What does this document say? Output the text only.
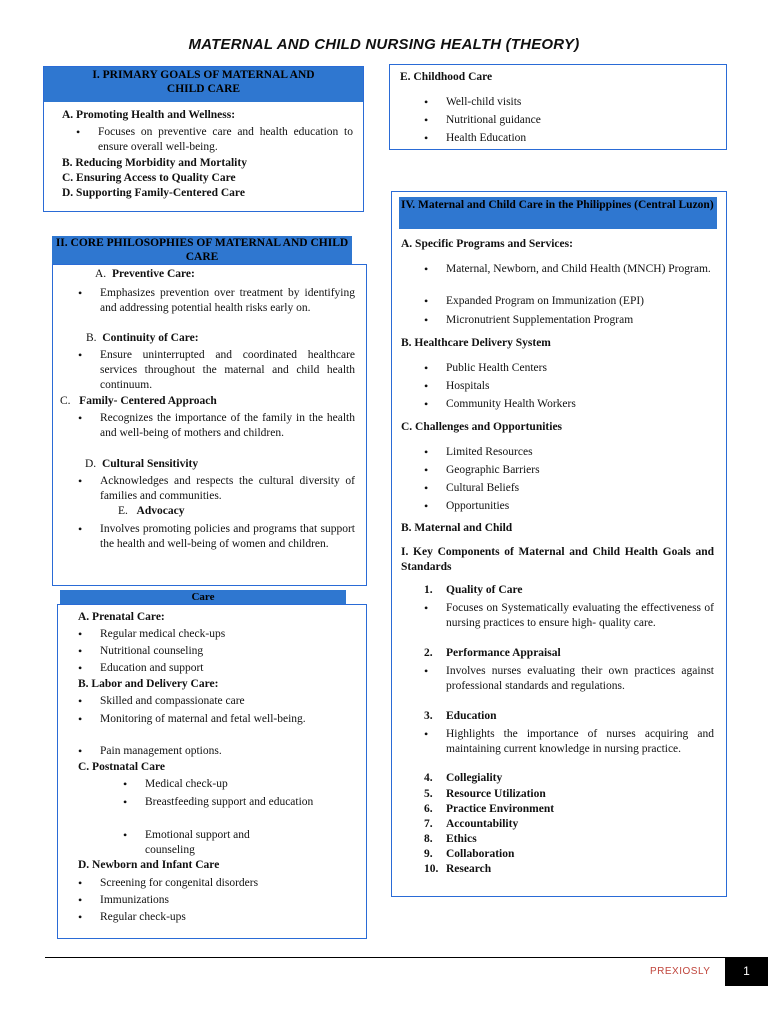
MATERNAL AND CHILD NURSING HEALTH (THEORY)
I. PRIMARY GOALS OF MATERNAL AND CHILD CARE
A. Promoting Health and Wellness:
• Focuses on preventive care and health education to ensure overall well-being.
B. Reducing Morbidity and Mortality
C. Ensuring Access to Quality Care
D. Supporting Family-Centered Care
II. CORE PHILOSOPHIES OF MATERNAL AND CHILD CARE
A. Preventive Care:
• Emphasizes prevention over treatment by identifying and addressing potential health risks early on.
B. Continuity of Care:
• Ensure uninterrupted and coordinated healthcare services throughout the maternal and child health continuum.
C. Family- Centered Approach
• Recognizes the importance of the family in the health and well-being of mothers and children.
D. Cultural Sensitivity
• Acknowledges and respects the cultural diversity of families and communities.
E. Advocacy
• Involves promoting policies and programs that support the health and well-being of women and children.
Care
A. Prenatal Care:
• Regular medical check-ups
• Nutritional counseling
• Education and support
B. Labor and Delivery Care:
• Skilled and compassionate care
• Monitoring of maternal and fetal well-being.
• Pain management options.
C. Postnatal Care
• Medical check-up
• Breastfeeding support and education
• Emotional support and counseling
D. Newborn and Infant Care
• Screening for congenital disorders
• Immunizations
• Regular check-ups
E. Childhood Care
• Well-child visits
• Nutritional guidance
• Health Education
IV. Maternal and Child Care in the Philippines (Central Luzon)
A. Specific Programs and Services:
• Maternal, Newborn, and Child Health (MNCH) Program.
• Expanded Program on Immunization (EPI)
• Micronutrient Supplementation Program
B. Healthcare Delivery System
• Public Health Centers
• Hospitals
• Community Health Workers
C. Challenges and Opportunities
• Limited Resources
• Geographic Barriers
• Cultural Beliefs
• Opportunities
B. Maternal and Child
I. Key Components of Maternal and Child Health Goals and Standards
1. Quality of Care
• Focuses on Systematically evaluating the effectiveness of nursing practices to ensure high- quality care.
2. Performance Appraisal
• Involves nurses evaluating their own practices against professional standards and regulations.
3. Education
• Highlights the importance of nurses acquiring and maintaining current knowledge in nursing practice.
4. Collegiality
5. Resource Utilization
6. Practice Environment
7. Accountability
8. Ethics
9. Collaboration
10. Research
PREXIOSLY	1
